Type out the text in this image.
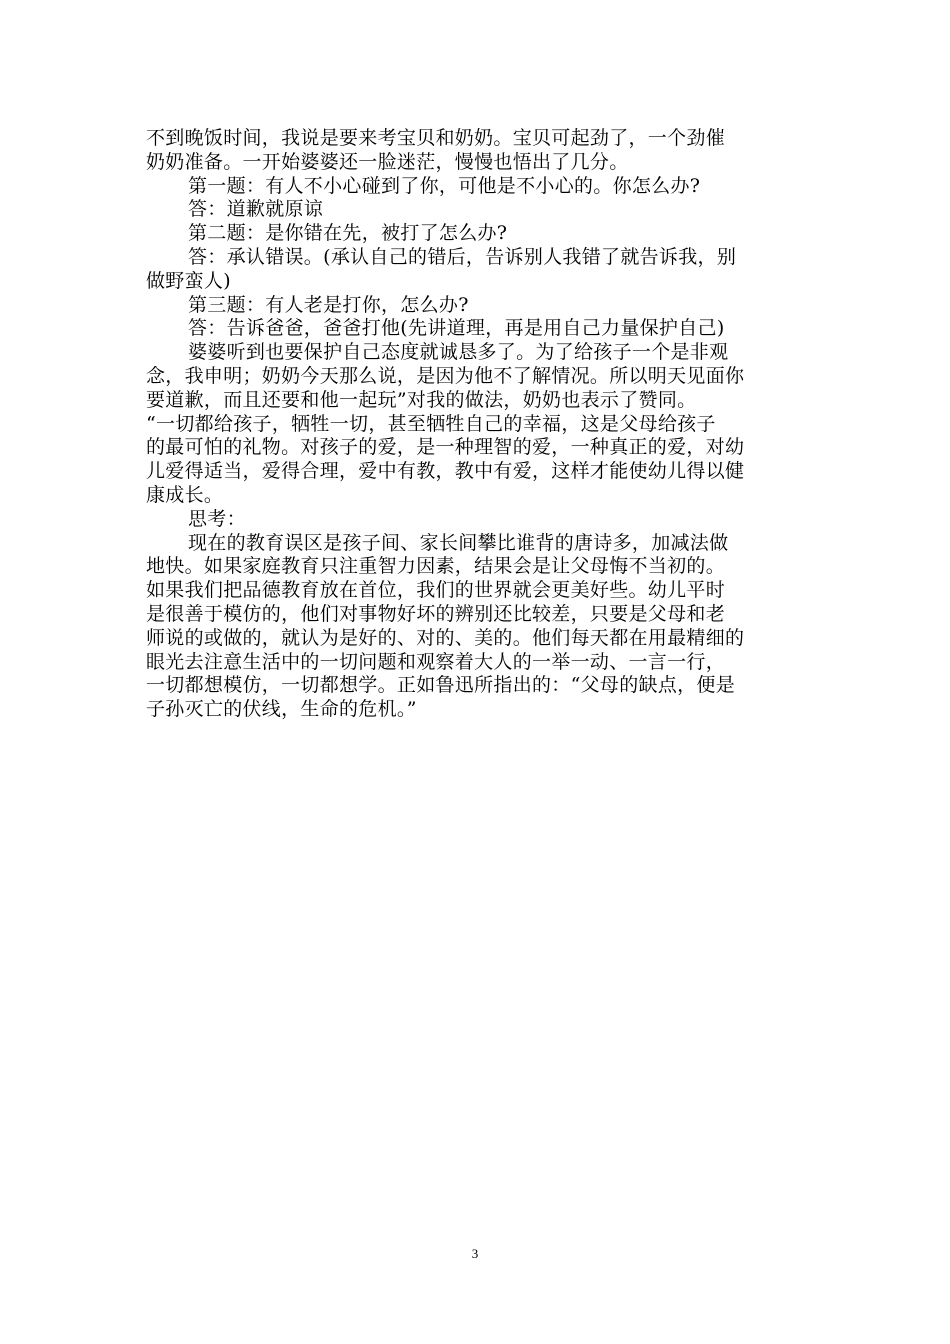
不到晚饭时间，我说是要来考宝贝和奶奶。宝贝可起劲了，一个劲催
奶奶准备。一开始婆婆还一脸迷茫，慢慢也悟出了几分。
第一题：有人不小心碰到了你，可他是不小心的。你怎么办?
答：道歉就原谅
第二题：是你错在先，被打了怎么办?
答：承认错误。(承认自己的错后，告诉别人我错了就告诉我，别
做野蛮人)
第三题：有人老是打你，怎么办?
答：告诉爸爸，爸爸打他(先讲道理，再是用自己力量保护自己)
婆婆听到也要保护自己态度就诚恳多了。为了给孩子一个是非观
念，我申明；奶奶今天那么说，是因为他不了解情况。所以明天见面你
要道歉，而且还要和他一起玩”对我的做法，奶奶也表示了赞同。
“一切都给孩子，牺牲一切，甚至牺牲自己的幸福，这是父母给孩子
的最可怕的礼物。对孩子的爱，是一种理智的爱，一种真正的爱，对幼
儿爱得适当，爱得合理，爱中有教，教中有爱，这样才能使幼儿得以健
康成长。
思考：
现在的教育误区是孩子间、家长间攀比谁背的唐诗多，加减法做
地快。如果家庭教育只注重智力因素，结果会是让父母悔不当初的。
如果我们把品德教育放在首位，我们的世界就会更美好些。幼儿平时
是很善于模仿的，他们对事物好坏的辨别还比较差，只要是父母和老
师说的或做的，就认为是好的、对的、美的。他们每天都在用最精细的
眼光去注意生活中的一切问题和观察着大人的一举一动、一言一行，
一切都想模仿，一切都想学。正如鲁迅所指出的：“父母的缺点，便是
子孙灭亡的伏线，生命的危机。”
3
